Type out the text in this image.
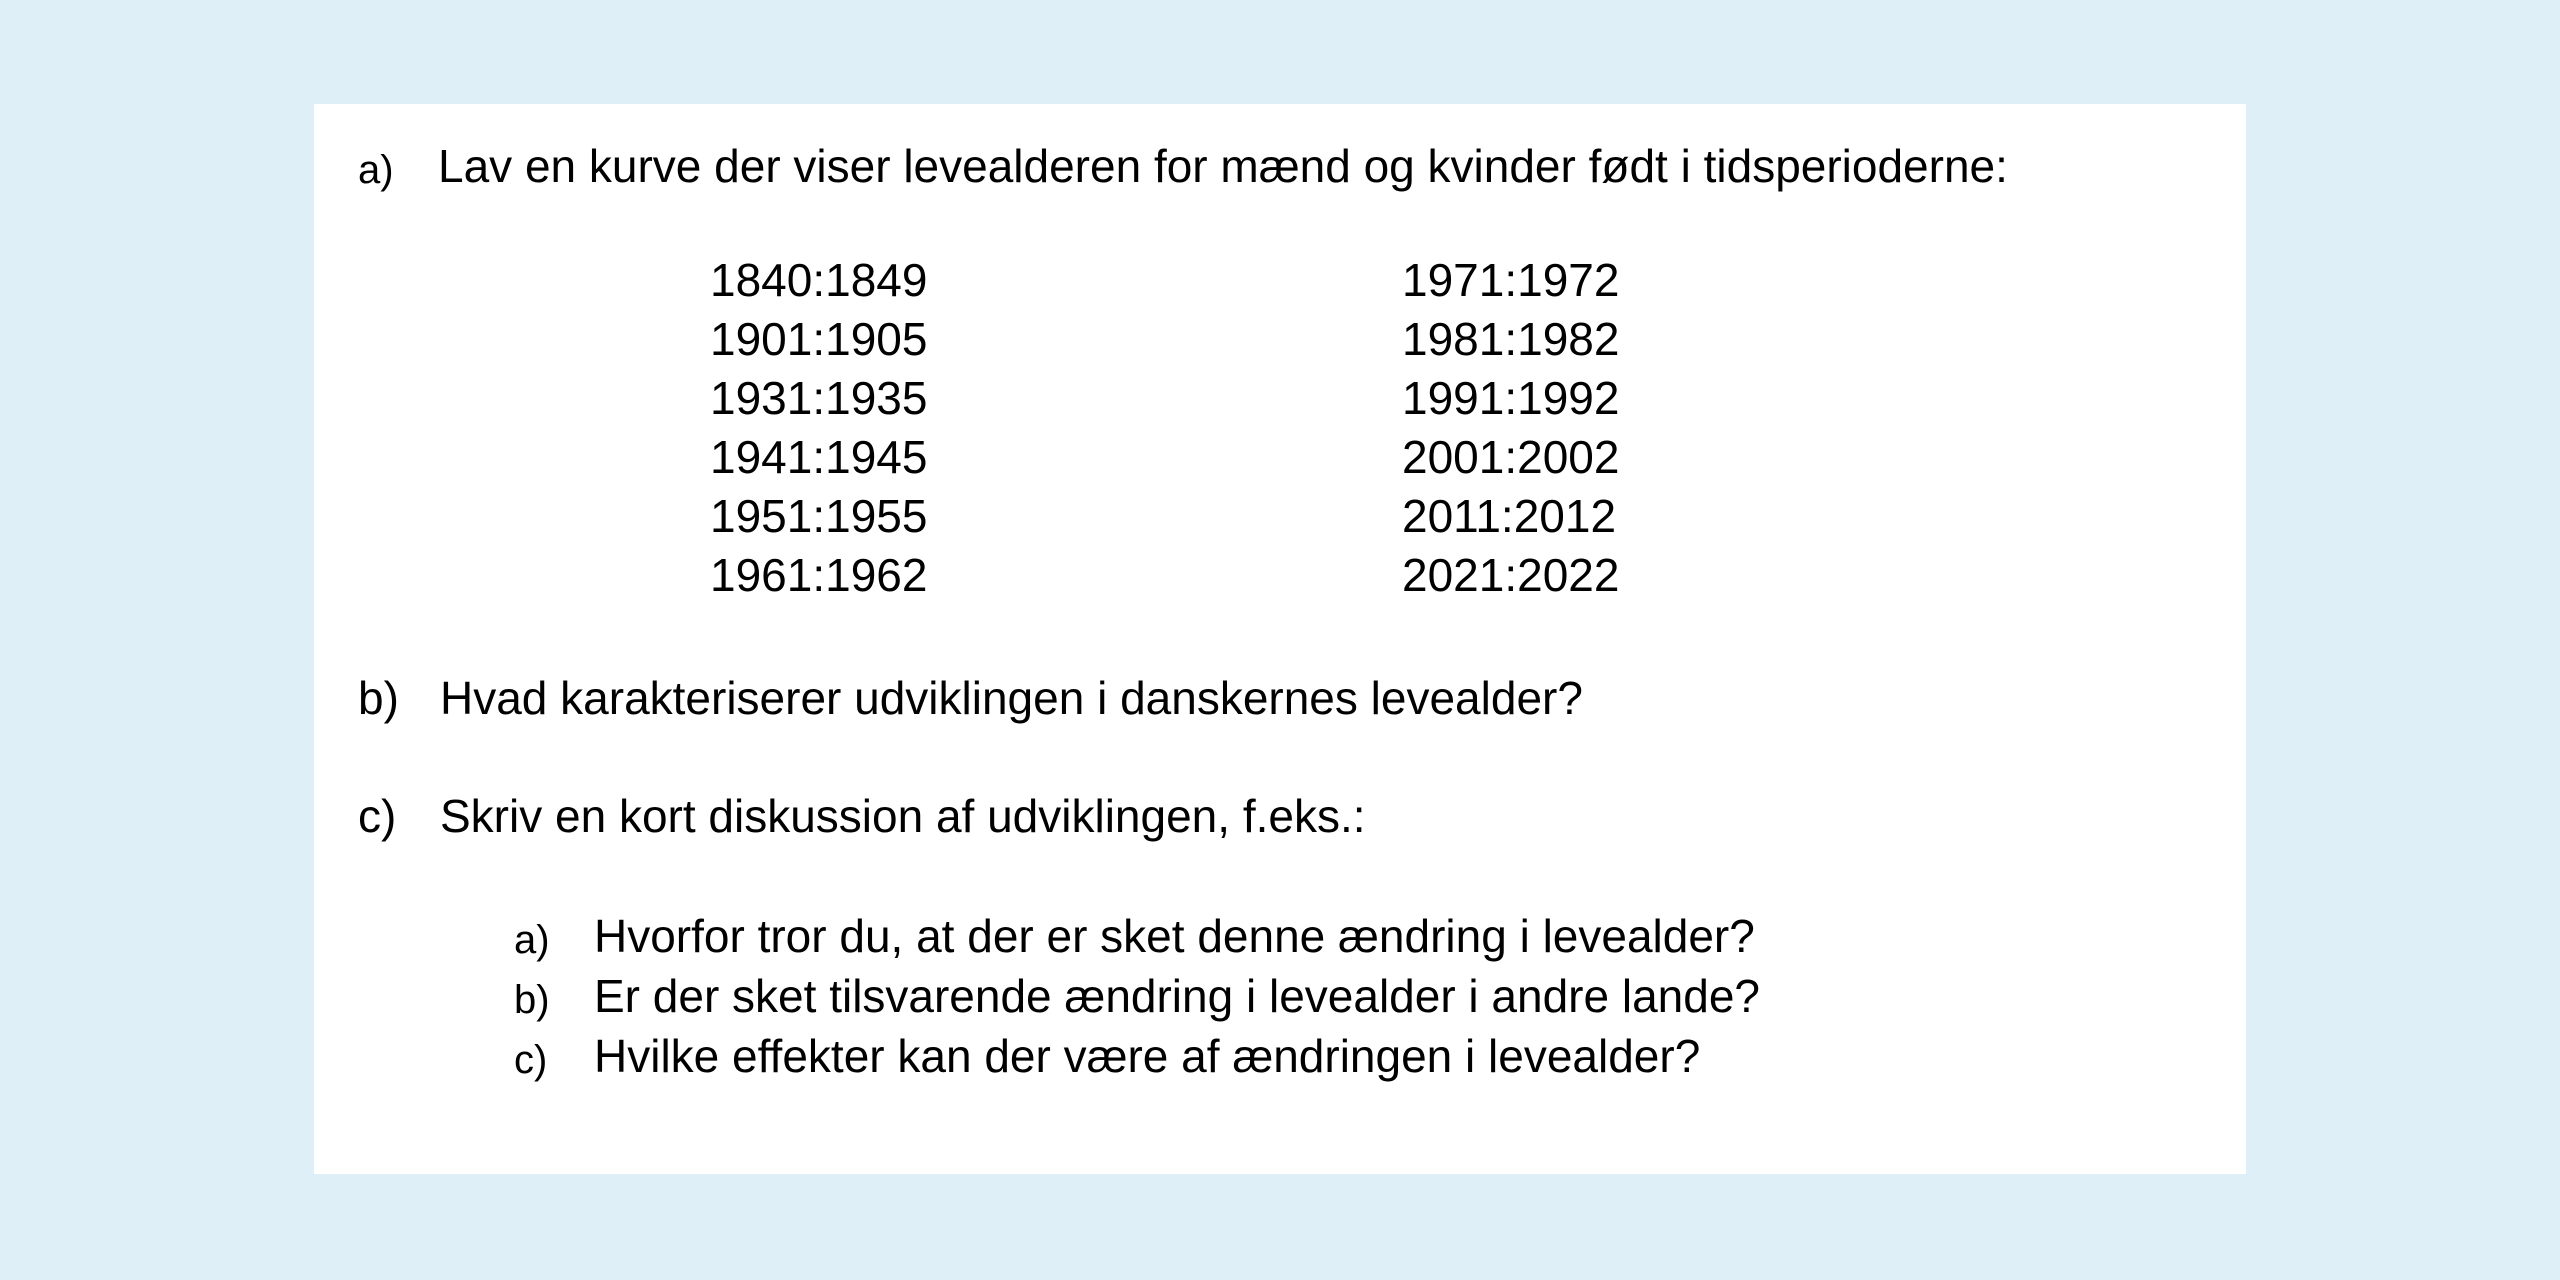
a) Lav en kurve der viser levealderen for mænd og kvinder født i tidsperioderne:
1840:1849
1901:1905
1931:1935
1941:1945
1951:1955
1961:1962
1971:1972
1981:1982
1991:1992
2001:2002
2011:2012
2021:2022
b) Hvad karakteriserer udviklingen i danskernes levealder?
c) Skriv en kort diskussion af udviklingen, f.eks.:
a) Hvorfor tror du, at der er sket denne ændring i levealder?
b) Er der sket tilsvarende ændring i levealder i andre lande?
c) Hvilke effekter kan der være af ændringen i levealder?
